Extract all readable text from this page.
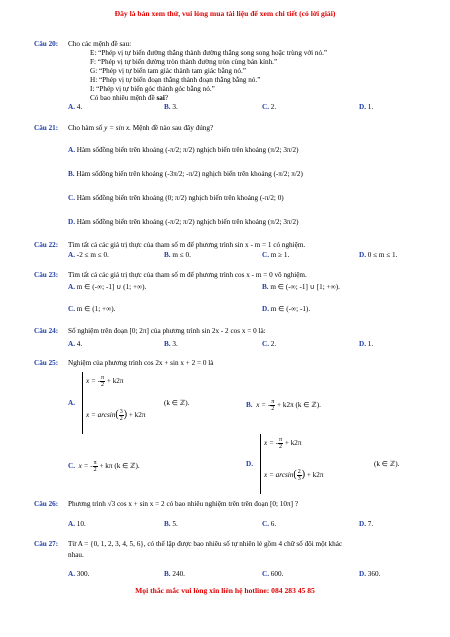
Đây là bản xem thử, vui lòng mua tài liệu để xem chi tiết (có lời giải)
Câu 20: Cho các mệnh đề sau:
E: “Phép vị tự biến đường thẳng thành đường thẳng song song hoặc trùng với nó.”
F: “Phép vị tự biến đường tròn thành đường tròn cùng bán kính.”
G: “Phép vị tự biến tam giác thành tam giác bằng nó.”
H: “Phép vị tự biến đoạn thẳng thành đoạn thẳng bằng nó.”
I: “Phép vị tự biến góc thành góc bằng nó.”
Có bao nhiêu mệnh đề sai?
A. 4.	B. 3.	C. 2.	D. 1.
Câu 21: Cho hàm số y = sin x. Mệnh đề nào sau đây đúng?
A. Hàm sốđồng biến trên khoảng (-π/2; π/2) nghịch biến trên khoảng (π/2; 3π/2)
B. Hàm sốđồng biến trên khoảng (-3π/2; -π/2) nghịch biến trên khoảng (-π/2; π/2)
C. Hàm sốđồng biến trên khoảng (0; π/2) nghịch biến trên khoảng (-π/2; 0)
D. Hàm sốđồng biến trên khoảng (-π/2; π/2) nghịch biến trên khoảng (π/2; 3π/2)
Câu 22: Tìm tất cả các giá trị thực của tham số m để phương trình sin x - m = 1 có nghiệm.
A. -2 ≤ m ≤ 0.	B. m ≤ 0.	C. m ≥ 1.	D. 0 ≤ m ≤ 1.
Câu 23: Tìm tất cả các giá trị thực của tham số m để phương trình cos x - m = 0 vô nghiệm.
A. m ∈ (-∞; -1] ∪ (1; +∞).	B. m ∈ (-∞; -1] ∪ [1; +∞).
C. m ∈ (1; +∞).	D. m ∈ (-∞; -1).
Câu 24: Số nghiệm trên đoạn [0; 2π] của phương trình sin 2x - 2 cos x = 0 là:
A. 4.	B. 3.	C. 2.	D. 1.
Câu 25: Nghiệm của phương trình cos 2x + sin x + 2 = 0 là
A.
x = - $\frac{\pi}{2} + k2\pi$
$x = \arcsin( \frac{3}{2}$ ) + k2π
(k ∈ ℤ).	B. x = - $\frac{\pi}{2} + k2\pi$ (k ∈ ℤ).
C. x = - $\frac{\pi}{2} + k\pi$ (k ∈ ℤ).	D.
x = - $\frac{\pi}{2} + k2\pi$
$x = \arcsin( \frac{2}{3}$ ) + k2π
(k ∈ ℤ).
Câu 26: Phương trình √3 cos x + sin x = 2 có bao nhiêu nghiệm trên trên đoạn [0; 10π] ?
A. 10.	B. 5.	C. 6.	D. 7.
Câu 27: Từ A = {0, 1, 2, 3, 4, 5, 6}, có thể lập được bao nhiêu số tự nhiên lẻ gồm 4 chữ số đôi một khác
nhau.
A. 300.	B. 240.	C. 600.	D. 360.
Mọi thắc mắc vui lòng xin liên hệ hotline: 084 283 45 85
